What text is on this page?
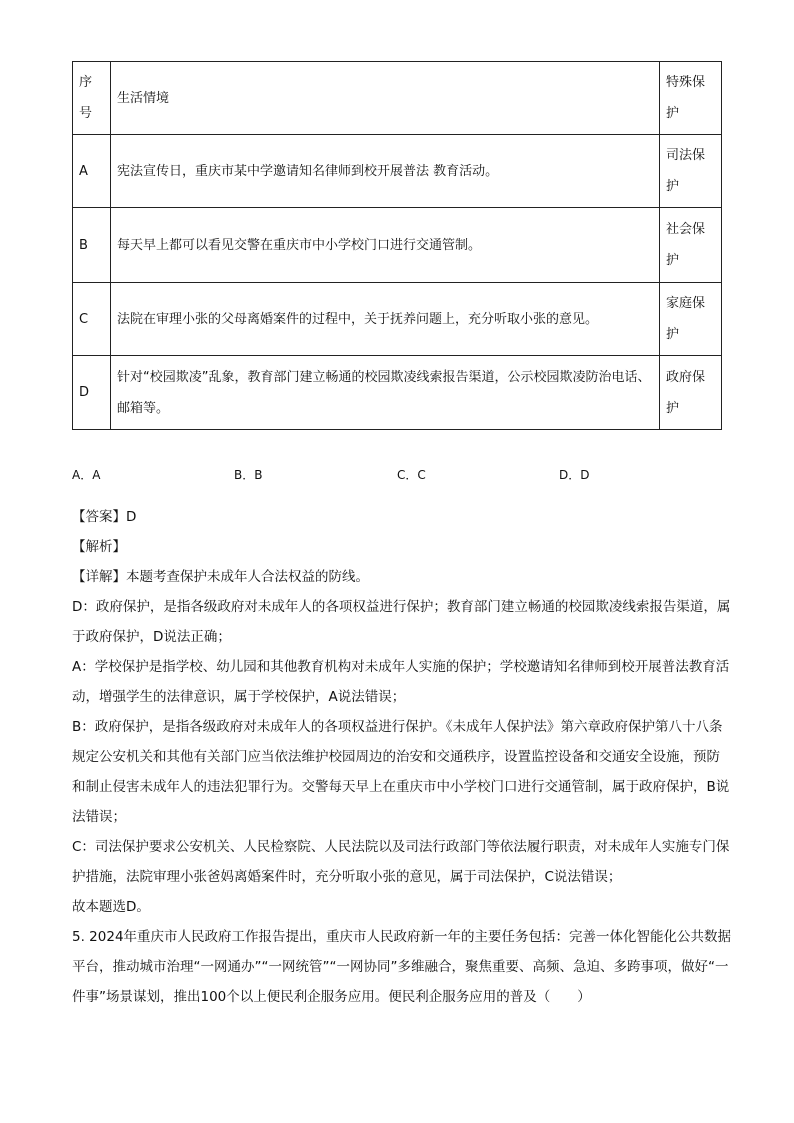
序号	生活情境	特殊保护
A	宪法宣传日，重庆市某中学邀请知名律师到校开展普法 教育活动。	司法保护
B	每天早上都可以看见交警在重庆市中小学校门口进行交通管制。	社会保护
C	法院在审理小张的父母离婚案件的过程中，关于抚养问题上，充分听取小张的意见。	家庭保护
D	针对“校园欺凌”乱象，教育部门建立畅通的校园欺凌线索报告渠道，公示校园欺凌防治电话、邮箱等。	政府保护
A．A	B．B	C．C	D．D

【答案】D

【解析】

【详解】本题考查保护未成年人合法权益的防线。

D：政府保护，是指各级政府对未成年人的各项权益进行保护；教育部门建立畅通的校园欺凌线索报告渠道，属于政府保护，D说法正确；

A：学校保护是指学校、幼儿园和其他教育机构对未成年人实施的保护；学校邀请知名律师到校开展普法教育活动，增强学生的法律意识，属于学校保护，A说法错误；

B：政府保护，是指各级政府对未成年人的各项权益进行保护。《未成年人保护法》第六章政府保护第八十八条规定公安机关和其他有关部门应当依法维护校园周边的治安和交通秩序，设置监控设备和交通安全设施，预防和制止侵害未成年人的违法犯罪行为。交警每天早上在重庆市中小学校门口进行交通管制，属于政府保护，B说法错误；

C：司法保护要求公安机关、人民检察院、人民法院以及司法行政部门等依法履行职责，对未成年人实施专门保护措施，法院审理小张爸妈离婚案件时，充分听取小张的意见，属于司法保护，C说法错误；

故本题选D。

5. 2024年重庆市人民政府工作报告提出，重庆市人民政府新一年的主要任务包括：完善一体化智能化公共数据平台，推动城市治理“一网通办”“一网统管”“一网协同”多维融合，聚焦重要、高频、急迫、多跨事项，做好“一件事”场景谋划，推出100个以上便民利企服务应用。便民利企服务应用的普及（　　）
